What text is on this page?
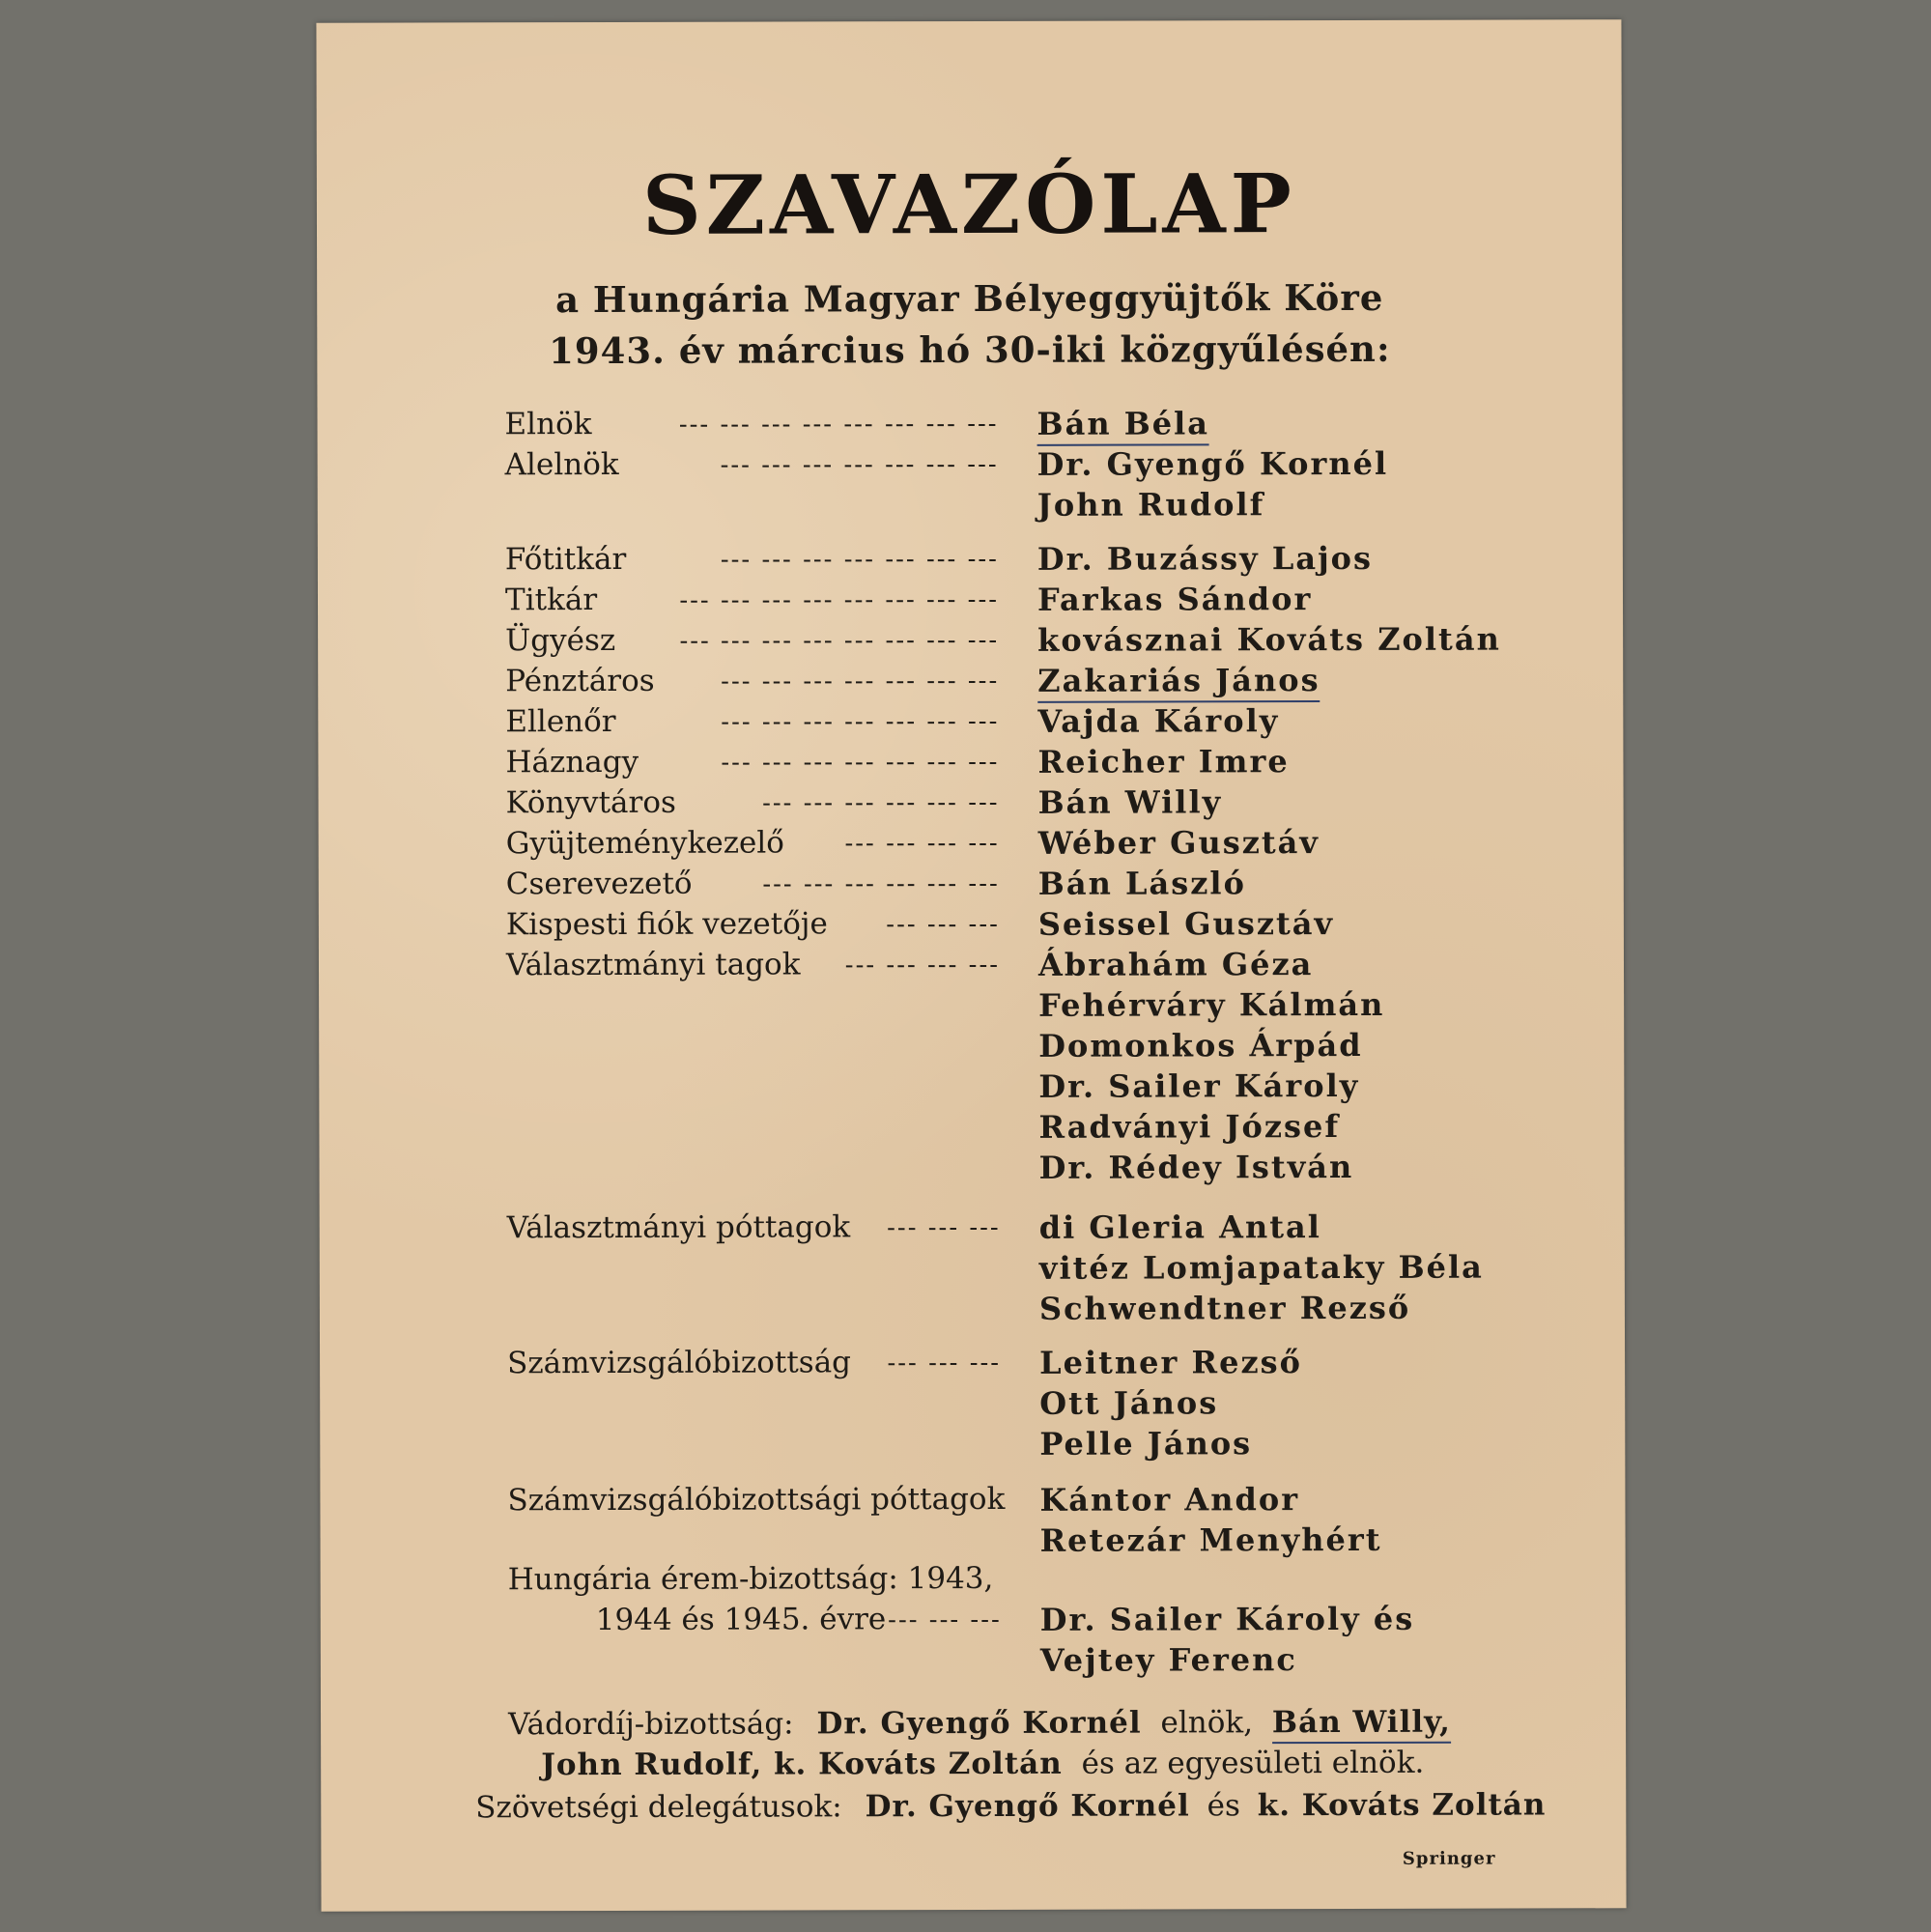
SZAVAZÓLAP
a Hungária Magyar Bélyeggyüjtők Köre
1943. év március hó 30-iki közgyűlésén:
Elnök	--- --- --- --- --- --- --- --- Bán Béla
Alelnök	--- --- --- --- --- --- --- Dr. Gyengő Kornél
John Rudolf
Főtitkár	--- --- --- --- --- --- --- Dr. Buzássy Lajos
Titkár	--- --- --- --- --- --- --- --- Farkas Sándor
Ügyész	--- --- --- --- --- --- --- --- kovásznai Kováts Zoltán
Pénztáros	--- --- --- --- --- --- --- Zakariás János
Ellenőr	--- --- --- --- --- --- --- Vajda Károly
Háznagy	--- --- --- --- --- --- --- Reicher Imre
Könyvtáros	--- --- --- --- --- --- Bán Willy
Gyüjteménykezelő --- --- --- --- Wéber Gusztáv
Cserevezető	--- --- --- --- --- --- Bán László
Kispesti fiók vezetője --- --- --- Seissel Gusztáv
Választmányi tagok --- --- --- --- Ábrahám Géza
Fehérváry Kálmán
Domonkos Árpád
Dr. Sailer Károly
Radványi József
Dr. Rédey István
Választmányi póttagok --- --- --- di Gleria Antal
vitéz Lomjapataky Béla
Schwendtner Rezső
Számvizsgálóbizottság --- --- --- Leitner Rezső
Ott János
Pelle János
Számvizsgálóbizottsági póttagok Kántor Andor
Retezár Menyhért
Hungária érem-bizottság: 1943,
1944 és 1945. évre --- --- --- Dr. Sailer Károly és
Vejtey Ferenc
Vádordíj-bizottság: Dr. Gyengő Kornél elnök, Bán Willy,
John Rudolf, k. Kováts Zoltán és az egyesületi elnök.
Szövetségi delegátusok: Dr. Gyengő Kornél és k. Kováts Zoltán
Springer
